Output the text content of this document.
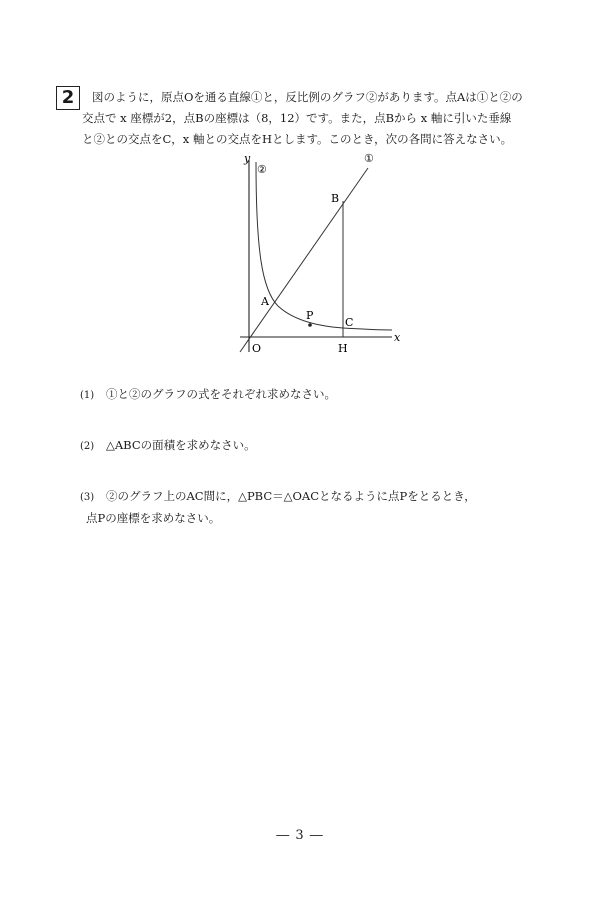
2	図のように，原点Oを通る直線①と，反比例のグラフ②があります。点Aは①と②の
交点で x 座標が2，点Bの座標は（8，12）です。また，点Bから x 軸に引いた垂線
と②との交点をC，x 軸との交点をHとします。このとき，次の各問に答えなさい。
y
②
①
B
A
P
C
x
O	H
(1) ①と②のグラフの式をそれぞれ求めなさい。
(2) △ABCの面積を求めなさい。
(3) ②のグラフ上のAC間に，△PBC＝△OACとなるように点Pをとるとき，
点Pの座標を求めなさい。
― 3 ―
